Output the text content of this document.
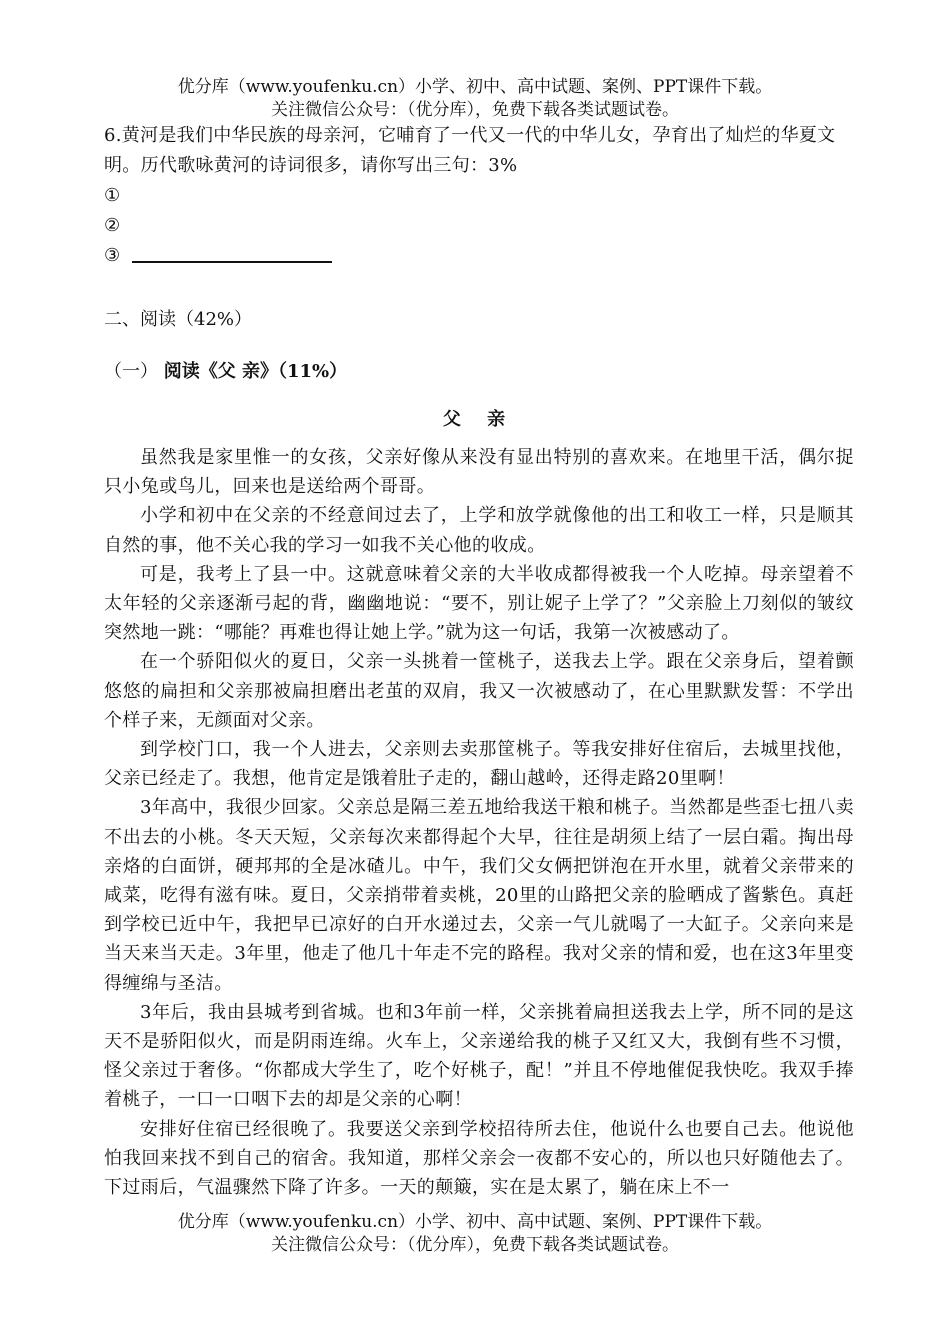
优分库（www.youfenku.cn）小学、初中、高中试题、案例、PPT课件下载。
关注微信公众号：（优分库），免费下载各类试题试卷。

6.黄河是我们中华民族的母亲河，它哺育了一代又一代的中华儿女，孕育出了灿烂的华夏文明。历代歌咏黄河的诗词很多，请你写出三句：3%

①

②

③

二、阅读（42%）

（一） 阅读《父 亲》（11%）

父 亲

虽然我是家里惟一的女孩，父亲好像从来没有显出特别的喜欢来。在地里干活，偶尔捉只小兔或鸟儿，回来也是送给两个哥哥。

小学和初中在父亲的不经意间过去了，上学和放学就像他的出工和收工一样，只是顺其自然的事，他不关心我的学习一如我不关心他的收成。

可是，我考上了县一中。这就意味着父亲的大半收成都得被我一个人吃掉。母亲望着不太年轻的父亲逐渐弓起的背，幽幽地说：“要不，别让妮子上学了？”父亲脸上刀刻似的皱纹突然地一跳：“哪能？再难也得让她上学。”就为这一句话，我第一次被感动了。

在一个骄阳似火的夏日，父亲一头挑着一筐桃子，送我去上学。跟在父亲身后，望着颤悠悠的扁担和父亲那被扁担磨出老茧的双肩，我又一次被感动了，在心里默默发誓：不学出个样子来，无颜面对父亲。

到学校门口，我一个人进去，父亲则去卖那筐桃子。等我安排好住宿后，去城里找他，父亲已经走了。我想，他肯定是饿着肚子走的，翻山越岭，还得走路20里啊！

3年高中，我很少回家。父亲总是隔三差五地给我送干粮和桃子。当然都是些歪七扭八卖不出去的小桃。冬天天短，父亲每次来都得起个大早，往往是胡须上结了一层白霜。掏出母亲烙的白面饼，硬邦邦的全是冰碴儿。中午，我们父女俩把饼泡在开水里，就着父亲带来的咸菜，吃得有滋有味。夏日，父亲捎带着卖桃，20里的山路把父亲的脸晒成了酱紫色。真赶到学校已近中午，我把早已凉好的白开水递过去，父亲一气儿就喝了一大缸子。父亲向来是当天来当天走。3年里，他走了他几十年走不完的路程。我对父亲的情和爱，也在这3年里变得缠绵与圣洁。

3年后，我由县城考到省城。也和3年前一样，父亲挑着扁担送我去上学，所不同的是这天不是骄阳似火，而是阴雨连绵。火车上，父亲递给我的桃子又红又大，我倒有些不习惯，怪父亲过于奢侈。“你都成大学生了，吃个好桃子，配！”并且不停地催促我快吃。我双手捧着桃子，一口一口咽下去的却是父亲的心啊！

安排好住宿已经很晚了。我要送父亲到学校招待所去住，他说什么也要自己去。他说他怕我回来找不到自己的宿舍。我知道，那样父亲会一夜都不安心的，所以也只好随他去了。下过雨后，气温骤然下降了许多。一天的颠簸，实在是太累了，躺在床上不一

优分库（www.youfenku.cn）小学、初中、高中试题、案例、PPT课件下载。
关注微信公众号：（优分库），免费下载各类试题试卷。
